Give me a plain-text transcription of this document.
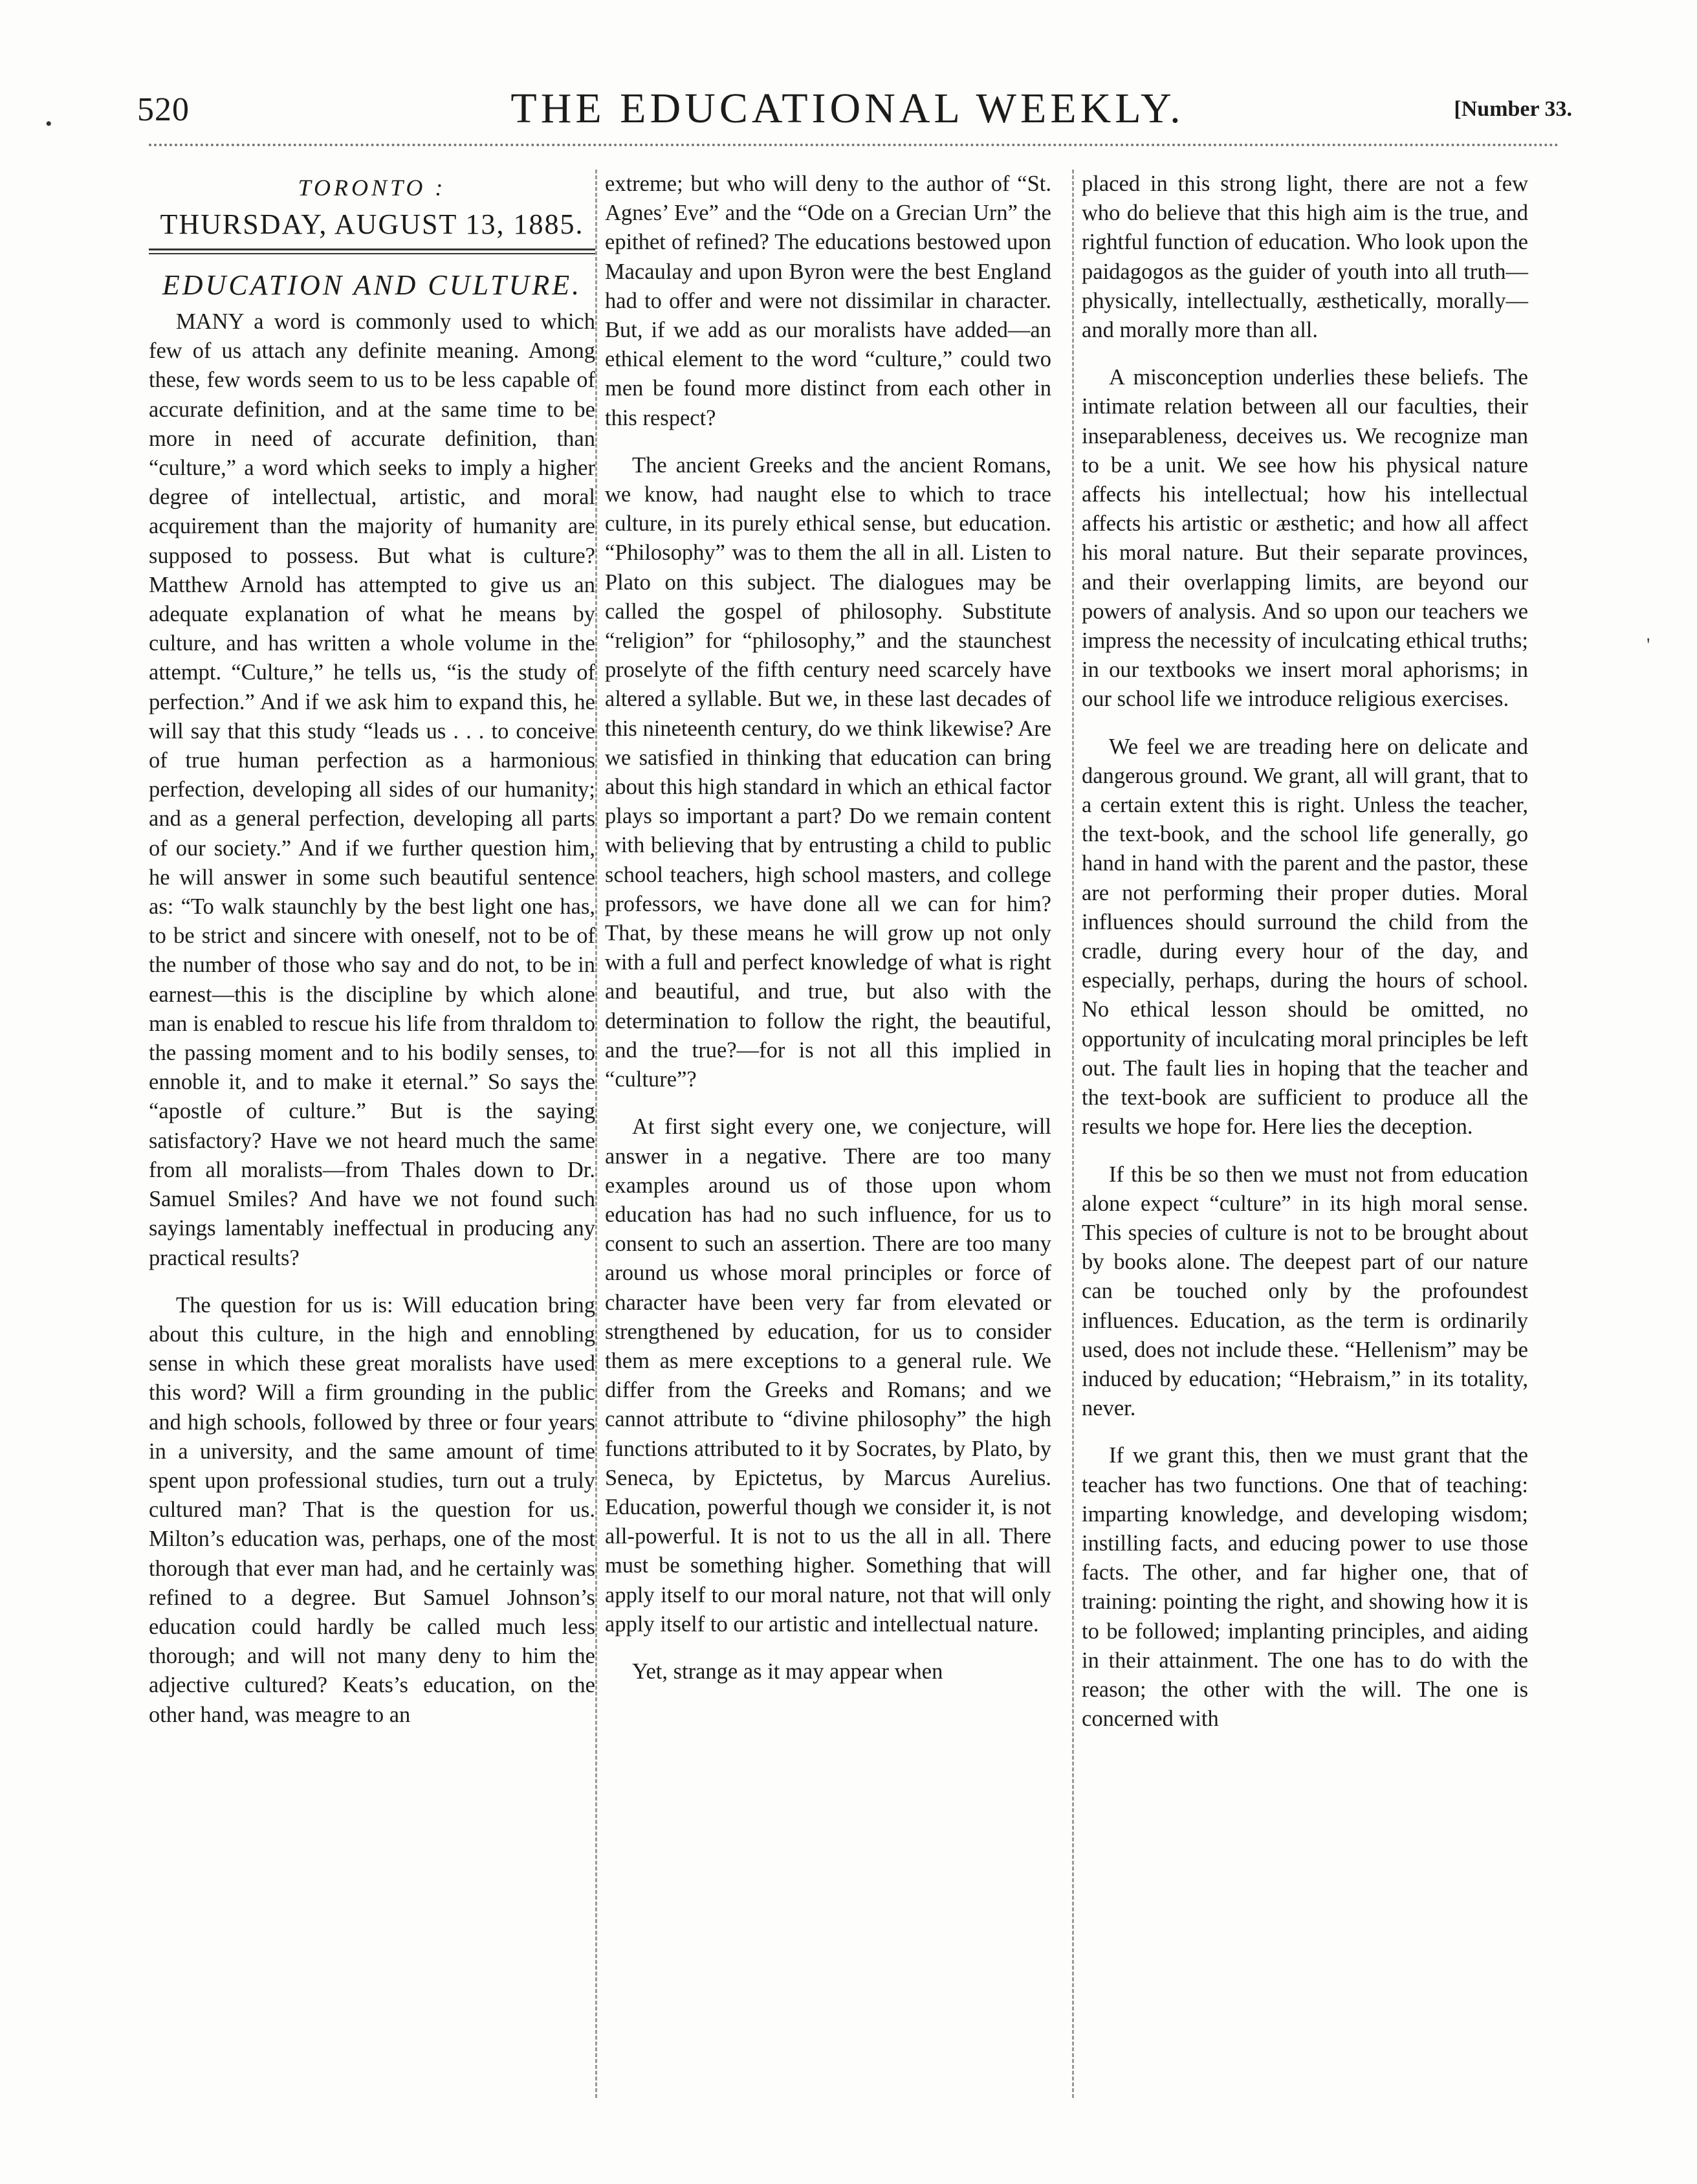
520	THE EDUCATIONAL WEEKLY.	[Number 33.
•
'
TORONTO :
THURSDAY, AUGUST 13, 1885.
EDUCATION AND CULTURE.

MANY a word is commonly used to which few of us attach any definite meaning. Among these, few words seem to us to be less capable of accurate definition, and at the same time to be more in need of accurate definition, than “culture,” a word which seeks to imply a higher degree of intellectual, artistic, and moral acquirement than the majority of humanity are supposed to possess. But what is culture? Matthew Arnold has attempted to give us an adequate explanation of what he means by culture, and has written a whole volume in the attempt. “Culture,” he tells us, “is the study of perfection.” And if we ask him to expand this, he will say that this study “leads us . . . to conceive of true human perfection as a harmonious perfection, developing all sides of our humanity; and as a general perfection, developing all parts of our society.” And if we further question him, he will answer in some such beautiful sentence as: “To walk staunchly by the best light one has, to be strict and sincere with oneself, not to be of the number of those who say and do not, to be in earnest—this is the discipline by which alone man is enabled to rescue his life from thraldom to the passing moment and to his bodily senses, to ennoble it, and to make it eternal.” So says the “apostle of culture.” But is the saying satisfactory? Have we not heard much the same from all moralists—from Thales down to Dr. Samuel Smiles? And have we not found such sayings lamentably ineffectual in producing any practical results?

The question for us is: Will education bring about this culture, in the high and ennobling sense in which these great moralists have used this word? Will a firm grounding in the public and high schools, followed by three or four years in a university, and the same amount of time spent upon professional studies, turn out a truly cultured man? That is the question for us. Milton’s education was, perhaps, one of the most thorough that ever man had, and he certainly was refined to a degree. But Samuel Johnson’s education could hardly be called much less thorough; and will not many deny to him the adjective cultured? Keats’s education, on the other hand, was meagre to an

extreme; but who will deny to the author of “St. Agnes’ Eve” and the “Ode on a Grecian Urn” the epithet of refined? The educations bestowed upon Macaulay and upon Byron were the best England had to offer and were not dissimilar in character. But, if we add as our moralists have added—an ethical element to the word “culture,” could two men be found more distinct from each other in this respect?

The ancient Greeks and the ancient Romans, we know, had naught else to which to trace culture, in its purely ethical sense, but education. “Philosophy” was to them the all in all. Listen to Plato on this subject. The dialogues may be called the gospel of philosophy. Substitute “religion” for “philosophy,” and the staunchest proselyte of the fifth century need scarcely have altered a syllable. But we, in these last decades of this nineteenth century, do we think likewise? Are we satisfied in thinking that education can bring about this high standard in which an ethical factor plays so important a part? Do we remain content with believing that by entrusting a child to public school teachers, high school masters, and college professors, we have done all we can for him? That, by these means he will grow up not only with a full and perfect knowledge of what is right and beautiful, and true, but also with the determination to follow the right, the beautiful, and the true?—for is not all this implied in “culture”?

At first sight every one, we conjecture, will answer in a negative. There are too many examples around us of those upon whom education has had no such influence, for us to consent to such an assertion. There are too many around us whose moral principles or force of character have been very far from elevated or strengthened by education, for us to consider them as mere exceptions to a general rule. We differ from the Greeks and Romans; and we cannot attribute to “divine philosophy” the high functions attributed to it by Socrates, by Plato, by Seneca, by Epictetus, by Marcus Aurelius. Education, powerful though we consider it, is not all-powerful. It is not to us the all in all. There must be something higher. Something that will apply itself to our moral nature, not that will only apply itself to our artistic and intellectual nature.

Yet, strange as it may appear when

placed in this strong light, there are not a few who do believe that this high aim is the true, and rightful function of education. Who look upon the paidagogos as the guider of youth into all truth—physically, intellectually, æsthetically, morally—and morally more than all.

A misconception underlies these beliefs. The intimate relation between all our faculties, their inseparableness, deceives us. We recognize man to be a unit. We see how his physical nature affects his intellectual; how his intellectual affects his artistic or æsthetic; and how all affect his moral nature. But their separate provinces, and their overlapping limits, are beyond our powers of analysis. And so upon our teachers we impress the necessity of inculcating ethical truths; in our textbooks we insert moral aphorisms; in our school life we introduce religious exercises.

We feel we are treading here on delicate and dangerous ground. We grant, all will grant, that to a certain extent this is right. Unless the teacher, the text-book, and the school life generally, go hand in hand with the parent and the pastor, these are not performing their proper duties. Moral influences should surround the child from the cradle, during every hour of the day, and especially, perhaps, during the hours of school. No ethical lesson should be omitted, no opportunity of inculcating moral principles be left out. The fault lies in hoping that the teacher and the text-book are sufficient to produce all the results we hope for. Here lies the deception.

If this be so then we must not from education alone expect “culture” in its high moral sense. This species of culture is not to be brought about by books alone. The deepest part of our nature can be touched only by the profoundest influences. Education, as the term is ordinarily used, does not include these. “Hellenism” may be induced by education; “Hebraism,” in its totality, never.

If we grant this, then we must grant that the teacher has two functions. One that of teaching: imparting knowledge, and developing wisdom; instilling facts, and educing power to use those facts. The other, and far higher one, that of training: pointing the right, and showing how it is to be followed; implanting principles, and aiding in their attainment. The one has to do with the reason; the other with the will. The one is concerned with
